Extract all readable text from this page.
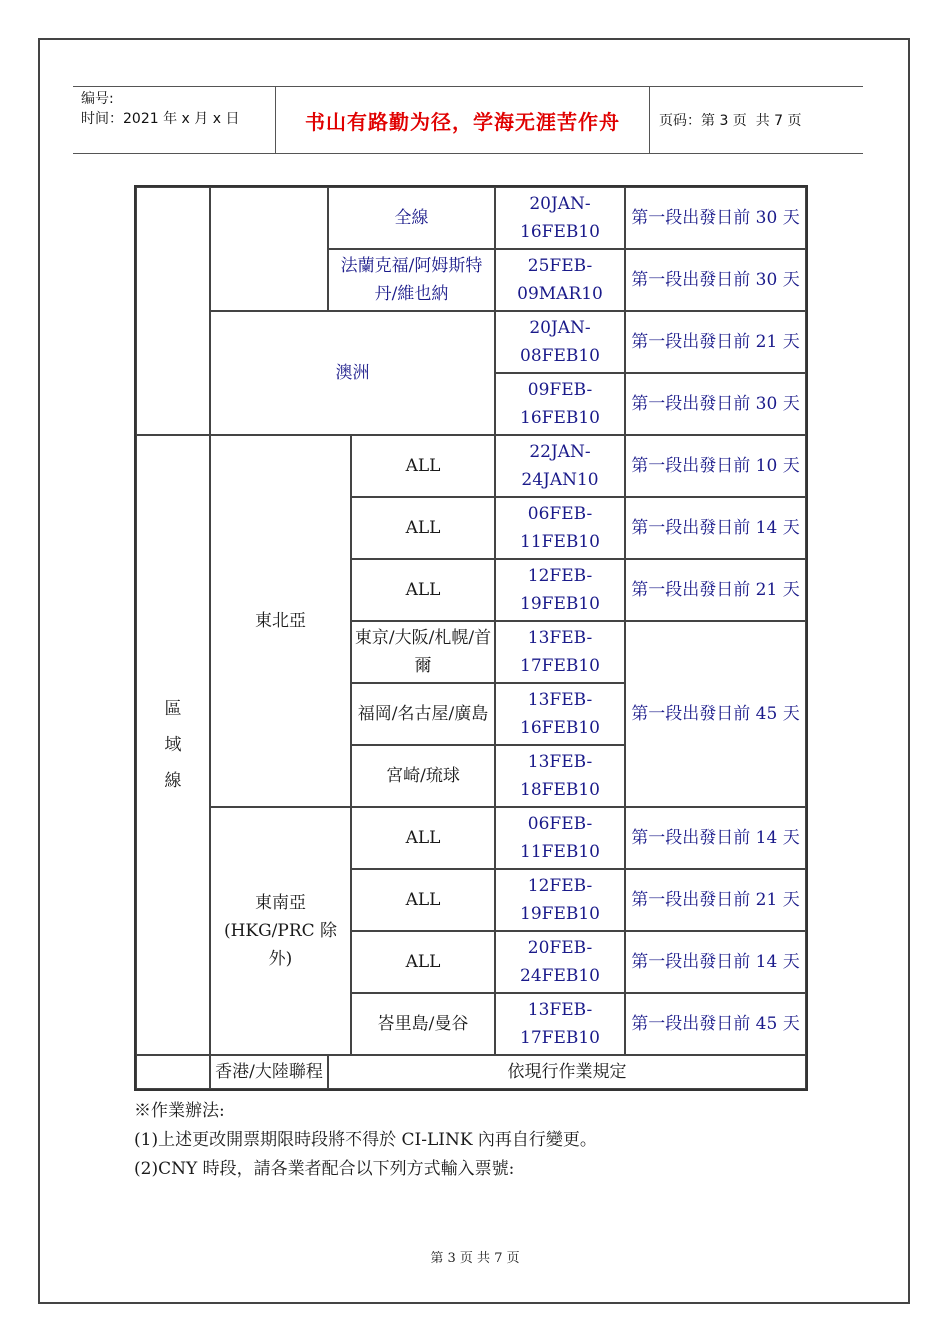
编号:
时间：2021 年 x 月 x 日	书山有路勤为径，学海无涯苦作舟	页码：第 3 页  共 7 页
		全線		20JAN-16FEB10	第一段出發日前 30 天
		法蘭克福/阿姆斯特丹/維也納		25FEB-09MAR10	第一段出發日前 30 天
	澳洲			20JAN-08FEB10	第一段出發日前 21 天
				09FEB-16FEB10	第一段出發日前 30 天
區域線	東北亞		ALL	22JAN-24JAN10	第一段出發日前 10 天
			ALL	06FEB-11FEB10	第一段出發日前 14 天
			ALL	12FEB-19FEB10	第一段出發日前 21 天
			東京/大阪/札幌/首爾	13FEB-17FEB10	第一段出發日前 45 天
			福岡/名古屋/廣島	13FEB-16FEB10	
			宮崎/琉球	13FEB-18FEB10	
	東南亞(HKG/PRC 除外)		ALL	06FEB-11FEB10	第一段出發日前 14 天
			ALL	12FEB-19FEB10	第一段出發日前 21 天
			ALL	20FEB-24FEB10	第一段出發日前 14 天
			峇里島/曼谷	13FEB-17FEB10	第一段出發日前 45 天
	香港/大陸聯程	依現行作業規定			
※作業辦法:
(1)上述更改開票期限時段將不得於 CI-LINK 內再自行變更。
(2)CNY 時段，請各業者配合以下列方式輸入票號:
第 3 页 共 7 页
